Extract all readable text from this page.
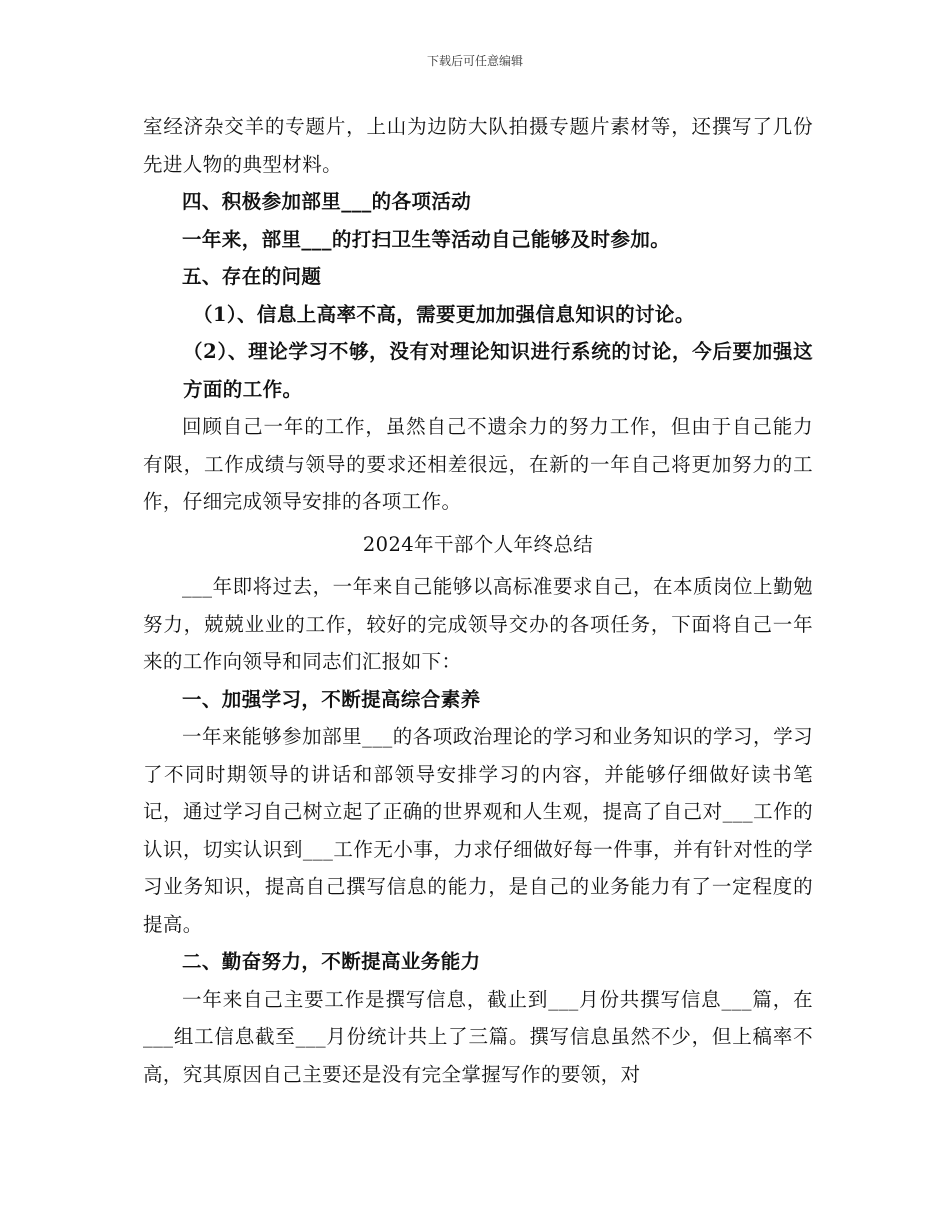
下载后可任意编辑

室经济杂交羊的专题片，上山为边防大队拍摄专题片素材等，还撰写了几份先进人物的典型材料。

四、积极参加部里___的各项活动

一年来，部里___的打扫卫生等活动自己能够及时参加。

五、存在的问题

（1）、信息上高率不高，需要更加加强信息知识的讨论。

（2）、理论学习不够，没有对理论知识进行系统的讨论，今后要加强这方面的工作。

回顾自己一年的工作，虽然自己不遗余力的努力工作，但由于自己能力有限，工作成绩与领导的要求还相差很远，在新的一年自己将更加努力的工作，仔细完成领导安排的各项工作。

2024年干部个人年终总结

___年即将过去，一年来自己能够以高标准要求自己，在本质岗位上勤勉努力，兢兢业业的工作，较好的完成领导交办的各项任务，下面将自己一年来的工作向领导和同志们汇报如下：

一、加强学习，不断提高综合素养

一年来能够参加部里___的各项政治理论的学习和业务知识的学习，学习了不同时期领导的讲话和部领导安排学习的内容，并能够仔细做好读书笔记，通过学习自己树立起了正确的世界观和人生观，提高了自己对___工作的认识，切实认识到___工作无小事，力求仔细做好每一件事，并有针对性的学习业务知识，提高自己撰写信息的能力，是自己的业务能力有了一定程度的提高。

二、勤奋努力，不断提高业务能力

一年来自己主要工作是撰写信息，截止到___月份共撰写信息___篇，在___组工信息截至___月份统计共上了三篇。撰写信息虽然不少，但上稿率不高，究其原因自己主要还是没有完全掌握写作的要领，对
